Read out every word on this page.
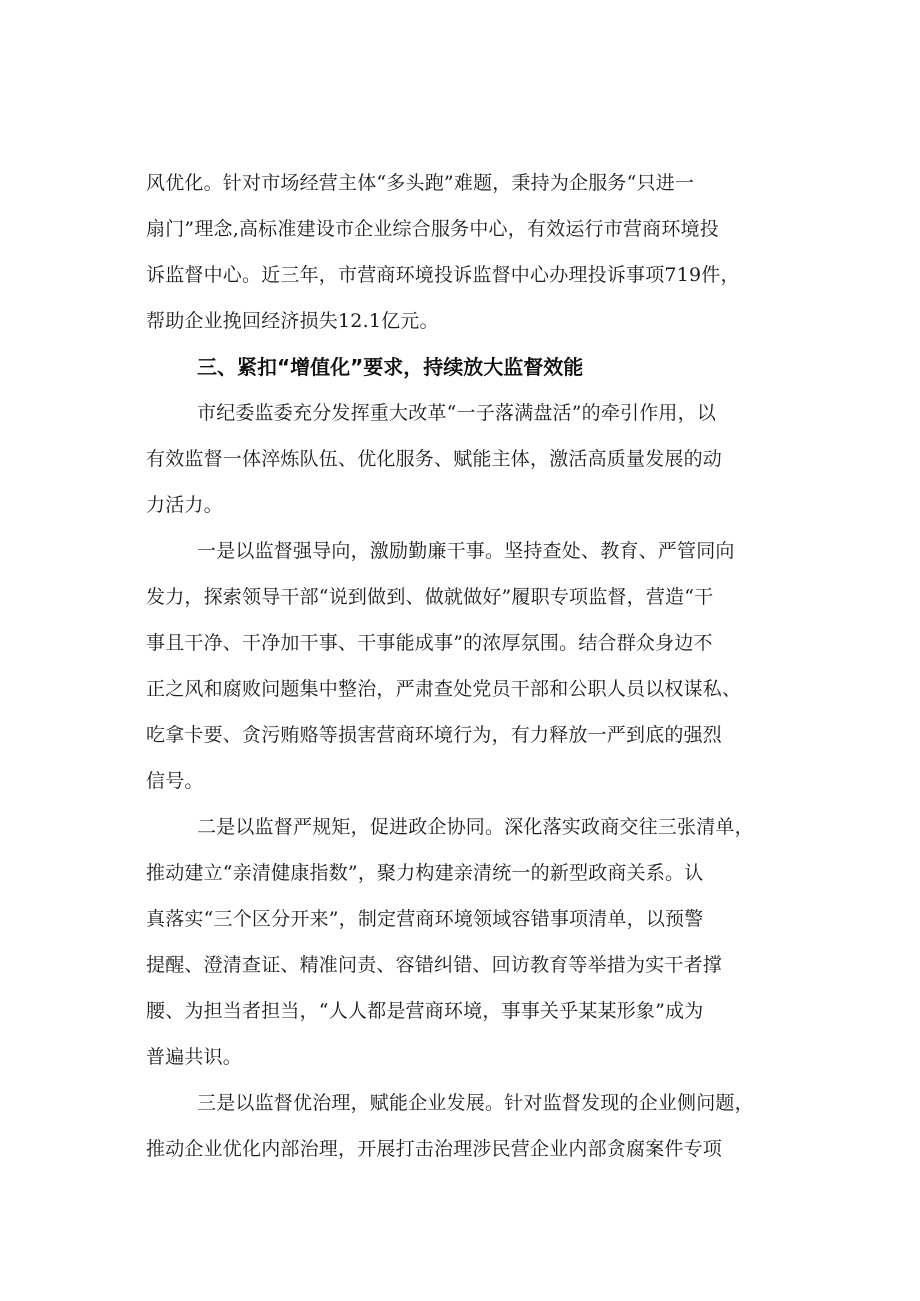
风优化。针对市场经营主体“多头跑”难题，秉持为企服务“只进一
扇门”理念,高标准建设市企业综合服务中心，有效运行市营商环境投
诉监督中心。近三年，市营商环境投诉监督中心办理投诉事项719件，
帮助企业挽回经济损失12.1亿元。
三、紧扣“增值化”要求，持续放大监督效能
市纪委监委充分发挥重大改革“一子落满盘活”的牵引作用，以
有效监督一体淬炼队伍、优化服务、赋能主体，激活高质量发展的动
力活力。
一是以监督强导向，激励勤廉干事。坚持查处、教育、严管同向
发力，探索领导干部“说到做到、做就做好”履职专项监督，营造“干
事且干净、干净加干事、干事能成事”的浓厚氛围。结合群众身边不
正之风和腐败问题集中整治，严肃查处党员干部和公职人员以权谋私、
吃拿卡要、贪污贿赂等损害营商环境行为，有力释放一严到底的强烈
信号。
二是以监督严规矩，促进政企协同。深化落实政商交往三张清单，
推动建立“亲清健康指数”，聚力构建亲清统一的新型政商关系。认
真落实“三个区分开来”，制定营商环境领域容错事项清单，以预警
提醒、澄清查证、精准问责、容错纠错、回访教育等举措为实干者撑
腰、为担当者担当，“人人都是营商环境，事事关乎某某形象”成为
普遍共识。
三是以监督优治理，赋能企业发展。针对监督发现的企业侧问题，
推动企业优化内部治理，开展打击治理涉民营企业内部贪腐案件专项
